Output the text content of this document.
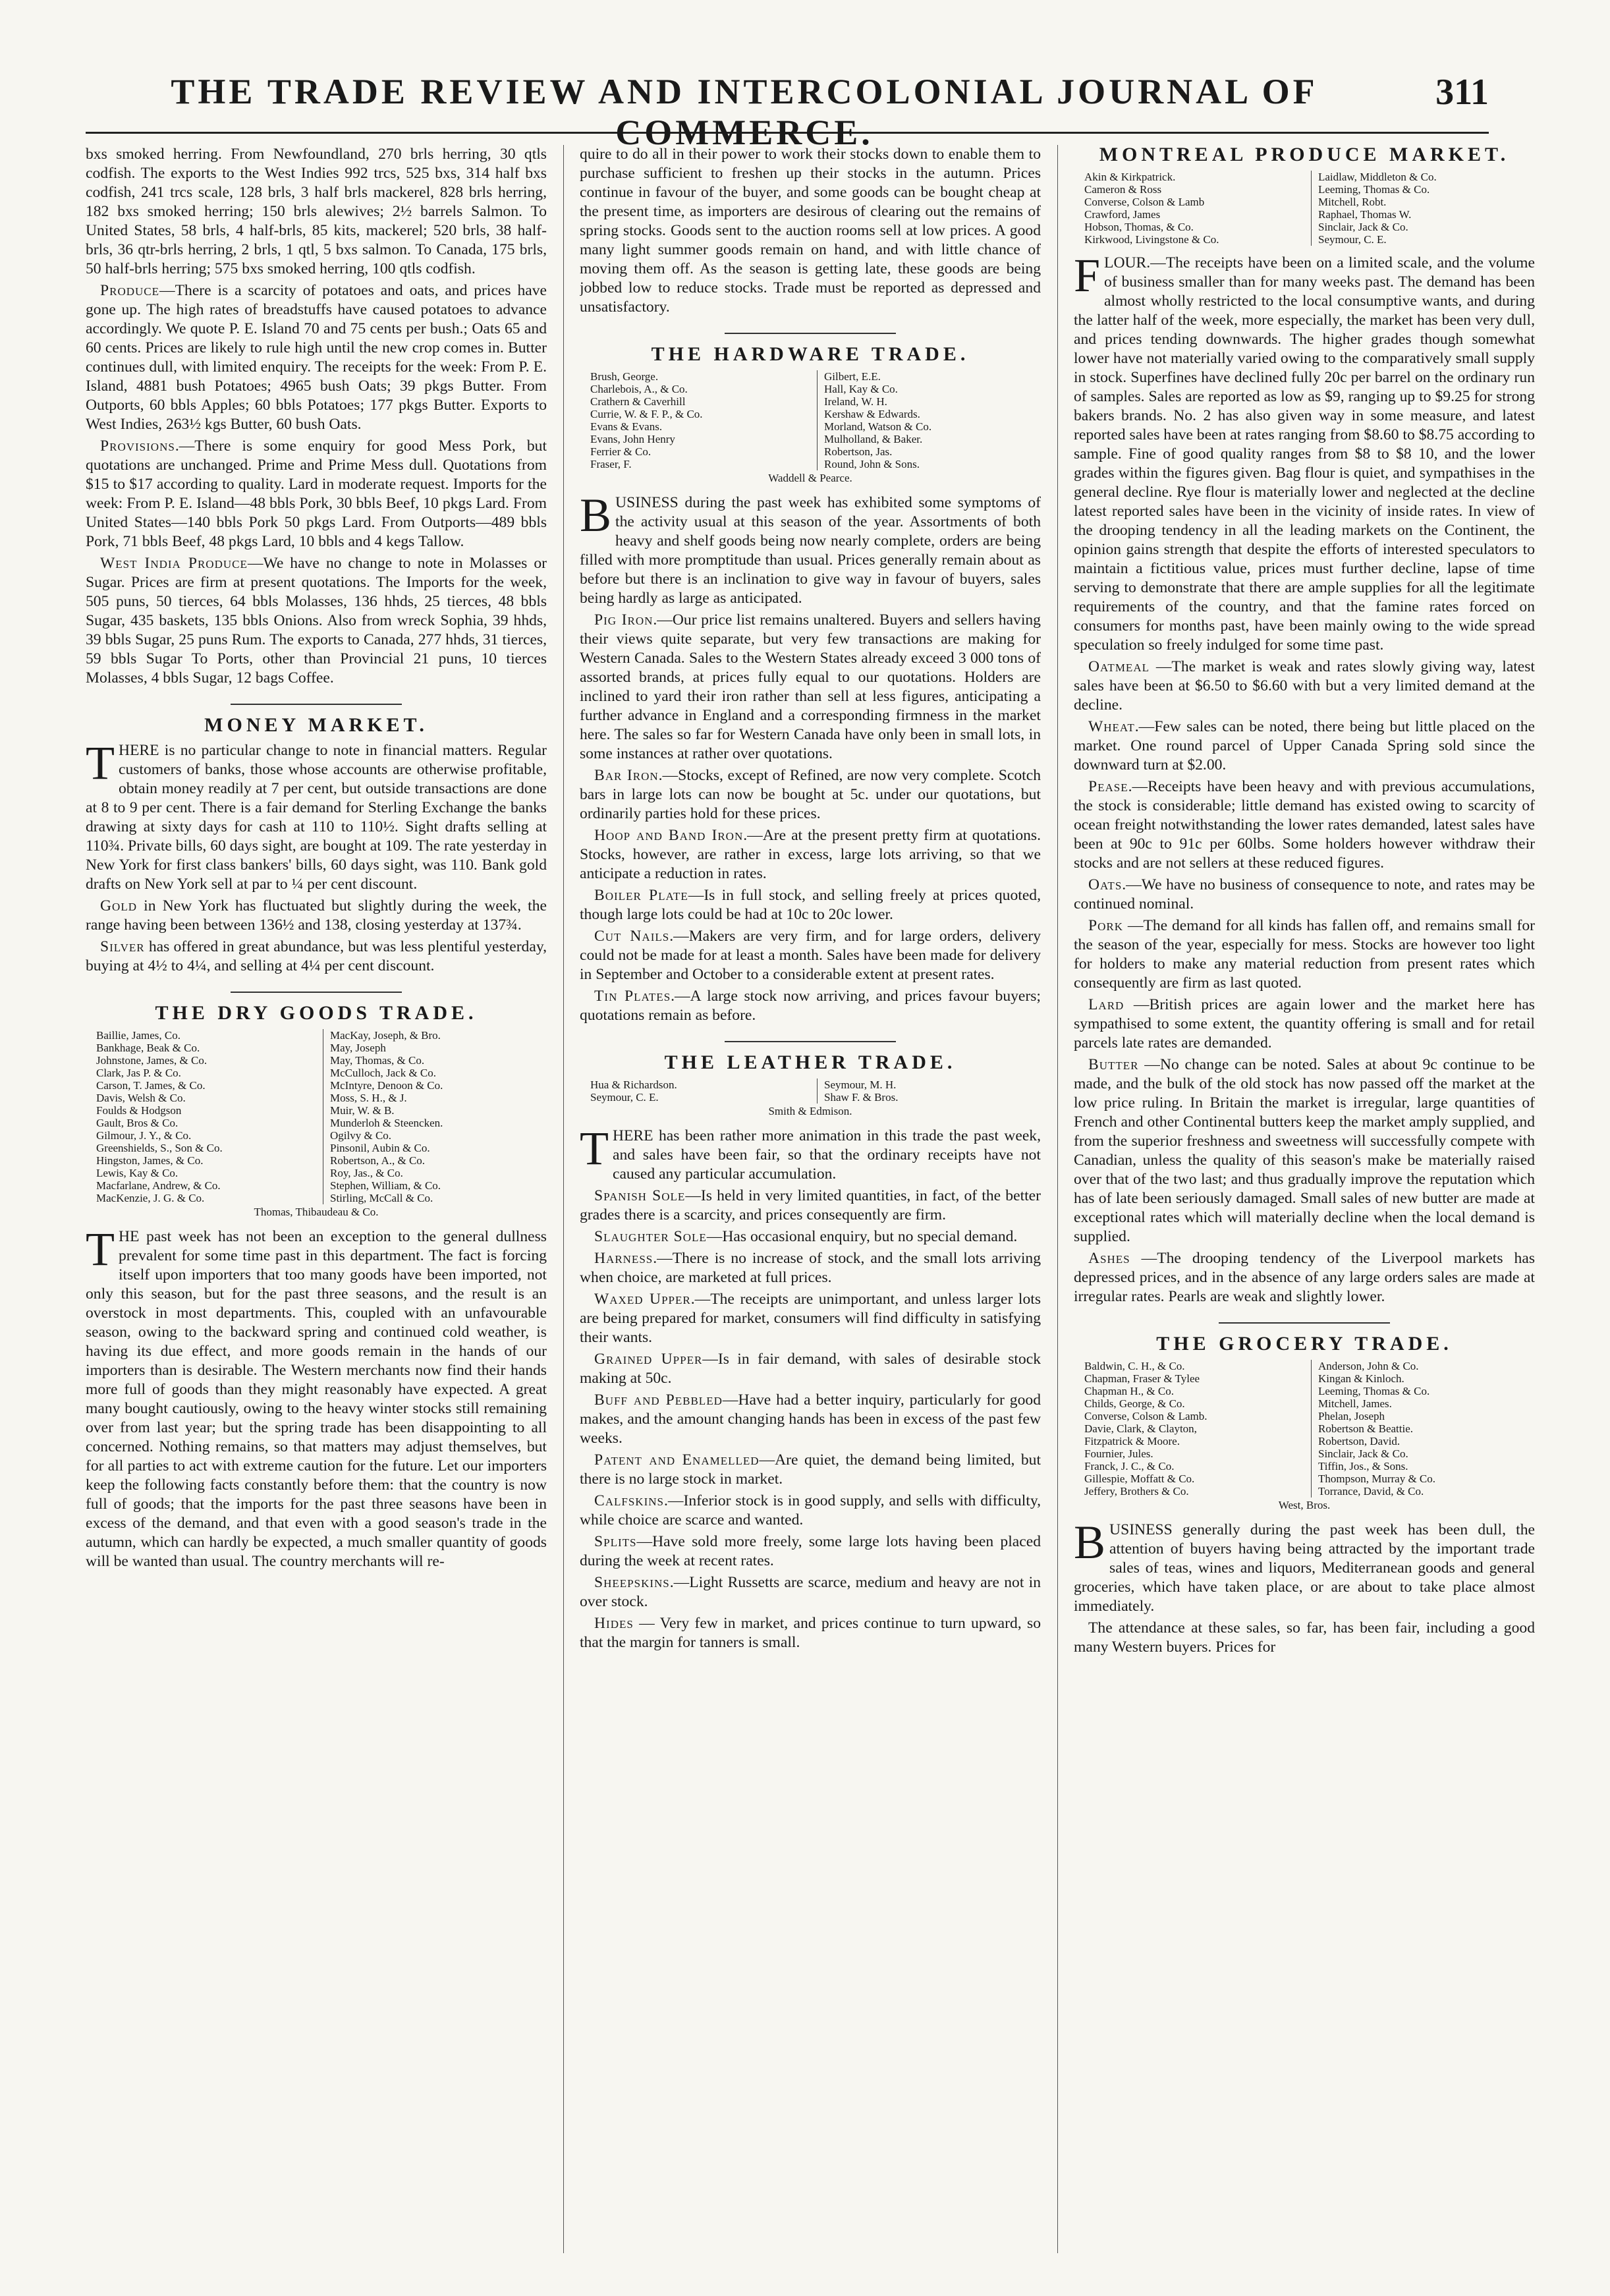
THE TRADE REVIEW AND INTERCOLONIAL JOURNAL OF COMMERCE.
311

bxs smoked herring. From Newfoundland, 270 brls herring, 30 qtls codfish. The exports to the West Indies 992 trcs, 525 bxs, 314 half bxs codfish, 241 trcs scale, 128 brls, 3 half brls mackerel, 828 brls herring, 182 bxs smoked herring; 150 brls alewives; 2½ barrels Salmon. To United States, 58 brls, 4 half-brls, 85 kits, mackerel; 520 brls, 38 half-brls, 36 qtr-brls herring, 2 brls, 1 qtl, 5 bxs salmon. To Canada, 175 brls, 50 half-brls herring; 575 bxs smoked herring, 100 qtls codfish.

Produce—There is a scarcity of potatoes and oats, and prices have gone up. The high rates of breadstuffs have caused potatoes to advance accordingly. We quote P. E. Island 70 and 75 cents per bush.; Oats 65 and 60 cents. Prices are likely to rule high until the new crop comes in. Butter continues dull, with limited enquiry. The receipts for the week: From P. E. Island, 4881 bush Potatoes; 4965 bush Oats; 39 pkgs Butter. From Outports, 60 bbls Apples; 60 bbls Potatoes; 177 pkgs Butter. Exports to West Indies, 263½ kgs Butter, 60 bush Oats.

Provisions.—There is some enquiry for good Mess Pork, but quotations are unchanged. Prime and Prime Mess dull. Quotations from $15 to $17 according to quality. Lard in moderate request. Imports for the week: From P. E. Island—48 bbls Pork, 30 bbls Beef, 10 pkgs Lard. From United States—140 bbls Pork 50 pkgs Lard. From Outports—489 bbls Pork, 71 bbls Beef, 48 pkgs Lard, 10 bbls and 4 kegs Tallow.

West India Produce—We have no change to note in Molasses or Sugar. Prices are firm at present quotations. The Imports for the week, 505 puns, 50 tierces, 64 bbls Molasses, 136 hhds, 25 tierces, 48 bbls Sugar, 435 baskets, 135 bbls Onions. Also from wreck Sophia, 39 hhds, 39 bbls Sugar, 25 puns Rum. The exports to Canada, 277 hhds, 31 tierces, 59 bbls Sugar To Ports, other than Provincial 21 puns, 10 tierces Molasses, 4 bbls Sugar, 12 bags Coffee.

MONEY MARKET.

THERE is no particular change to note in financial matters. Regular customers of banks, those whose accounts are otherwise profitable, obtain money readily at 7 per cent, but outside transactions are done at 8 to 9 per cent. There is a fair demand for Sterling Exchange the banks drawing at sixty days for cash at 110 to 110½. Sight drafts selling at 110¾. Private bills, 60 days sight, are bought at 109. The rate yesterday in New York for first class bankers' bills, 60 days sight, was 110. Bank gold drafts on New York sell at par to ¼ per cent discount.

Gold in New York has fluctuated but slightly during the week, the range having been between 136½ and 138, closing yesterday at 137¾.

Silver has offered in great abundance, but was less plentiful yesterday, buying at 4½ to 4¼, and selling at 4¼ per cent discount.

THE DRY GOODS TRADE.
Baillie, James, Co.	MacKay, Joseph, & Bro.
Bankhage, Beak & Co.	May, Joseph
Johnstone, James, & Co.	May, Thomas, & Co.
Clark, Jas P. & Co.	McCulloch, Jack & Co.
Carson, T. James, & Co.	McIntyre, Denoon & Co.
Davis, Welsh & Co.	Moss, S. H., & J.
Foulds & Hodgson	Muir, W. & B.
Gault, Bros & Co.	Munderloh & Steencken.
Gilmour, J. Y., & Co.	Ogilvy & Co.
Greenshields, S., Son & Co.	Pinsonil, Aubin & Co.
Hingston, James, & Co.	Robertson, A., & Co.
Lewis, Kay & Co.	Roy, Jas., & Co.
Macfarlane, Andrew, & Co.	Stephen, William, & Co.
MacKenzie, J. G. & Co.	Stirling, McCall & Co.
Thomas, Thibaudeau & Co.

THE past week has not been an exception to the general dullness prevalent for some time past in this department. The fact is forcing itself upon importers that too many goods have been imported, not only this season, but for the past three seasons, and the result is an overstock in most departments. This, coupled with an unfavourable season, owing to the backward spring and continued cold weather, is having its due effect, and more goods remain in the hands of our importers than is desirable. The Western merchants now find their hands more full of goods than they might reasonably have expected. A great many bought cautiously, owing to the heavy winter stocks still remaining over from last year; but the spring trade has been disappointing to all concerned. Nothing remains, so that matters may adjust themselves, but for all parties to act with extreme caution for the future. Let our importers keep the following facts constantly before them: that the country is now full of goods; that the imports for the past three seasons have been in excess of the demand, and that even with a good season's trade in the autumn, which can hardly be expected, a much smaller quantity of goods will be wanted than usual. The country merchants will re-

quire to do all in their power to work their stocks down to enable them to purchase sufficient to freshen up their stocks in the autumn. Prices continue in favour of the buyer, and some goods can be bought cheap at the present time, as importers are desirous of clearing out the remains of spring stocks. Goods sent to the auction rooms sell at low prices. A good many light summer goods remain on hand, and with little chance of moving them off. As the season is getting late, these goods are being jobbed low to reduce stocks. Trade must be reported as depressed and unsatisfactory.

THE HARDWARE TRADE.
Brush, George.	Gilbert, E.E.
Charlebois, A., & Co.	Hall, Kay & Co.
Crathern & Caverhill	Ireland, W. H.
Currie, W. & F. P., & Co.	Kershaw & Edwards.
Evans & Evans.	Morland, Watson & Co.
Evans, John Henry	Mulholland, & Baker.
Ferrier & Co.	Robertson, Jas.
Fraser, F.	Round, John & Sons.
Waddell & Pearce.

BUSINESS during the past week has exhibited some symptoms of the activity usual at this season of the year. Assortments of both heavy and shelf goods being now nearly complete, orders are being filled with more promptitude than usual. Prices generally remain about as before but there is an inclination to give way in favour of buyers, sales being hardly as large as anticipated.

Pig Iron.—Our price list remains unaltered. Buyers and sellers having their views quite separate, but very few transactions are making for Western Canada. Sales to the Western States already exceed 3 000 tons of assorted brands, at prices fully equal to our quotations. Holders are inclined to yard their iron rather than sell at less figures, anticipating a further advance in England and a corresponding firmness in the market here. The sales so far for Western Canada have only been in small lots, in some instances at rather over quotations.

Bar Iron.—Stocks, except of Refined, are now very complete. Scotch bars in large lots can now be bought at 5c. under our quotations, but ordinarily parties hold for these prices.

Hoop and Band Iron.—Are at the present pretty firm at quotations. Stocks, however, are rather in excess, large lots arriving, so that we anticipate a reduction in rates.

Boiler Plate—Is in full stock, and selling freely at prices quoted, though large lots could be had at 10c to 20c lower.

Cut Nails.—Makers are very firm, and for large orders, delivery could not be made for at least a month. Sales have been made for delivery in September and October to a considerable extent at present rates.

Tin Plates.—A large stock now arriving, and prices favour buyers; quotations remain as before.

THE LEATHER TRADE.
Hua & Richardson.	Seymour, M. H.
Seymour, C. E.	Shaw F. & Bros.
Smith & Edmison.

THERE has been rather more animation in this trade the past week, and sales have been fair, so that the ordinary receipts have not caused any particular accumulation.

Spanish Sole—Is held in very limited quantities, in fact, of the better grades there is a scarcity, and prices consequently are firm.

Slaughter Sole—Has occasional enquiry, but no special demand.

Harness.—There is no increase of stock, and the small lots arriving when choice, are marketed at full prices.

Waxed Upper.—The receipts are unimportant, and unless larger lots are being prepared for market, consumers will find difficulty in satisfying their wants.

Grained Upper—Is in fair demand, with sales of desirable stock making at 50c.

Buff and Pebbled—Have had a better inquiry, particularly for good makes, and the amount changing hands has been in excess of the past few weeks.

Patent and Enamelled—Are quiet, the demand being limited, but there is no large stock in market.

Calfskins.—Inferior stock is in good supply, and sells with difficulty, while choice are scarce and wanted.

Splits—Have sold more freely, some large lots having been placed during the week at recent rates.

Sheepskins.—Light Russetts are scarce, medium and heavy are not in over stock.

Hides — Very few in market, and prices continue to turn upward, so that the margin for tanners is small.

MONTREAL PRODUCE MARKET.
Akin & Kirkpatrick.	Laidlaw, Middleton & Co.
Cameron & Ross	Leeming, Thomas & Co.
Converse, Colson & Lamb	Mitchell, Robt.
Crawford, James	Raphael, Thomas W.
Hobson, Thomas, & Co.	Sinclair, Jack & Co.
Kirkwood, Livingstone & Co.	Seymour, C. E.

FLOUR.—The receipts have been on a limited scale, and the volume of business smaller than for many weeks past. The demand has been almost wholly restricted to the local consumptive wants, and during the latter half of the week, more especially, the market has been very dull, and prices tending downwards. The higher grades though somewhat lower have not materially varied owing to the comparatively small supply in stock. Superfines have declined fully 20c per barrel on the ordinary run of samples. Sales are reported as low as $9, ranging up to $9.25 for strong bakers brands. No. 2 has also given way in some measure, and latest reported sales have been at rates ranging from $8.60 to $8.75 according to sample. Fine of good quality ranges from $8 to $8 10, and the lower grades within the figures given. Bag flour is quiet, and sympathises in the general decline. Rye flour is materially lower and neglected at the decline latest reported sales have been in the vicinity of inside rates. In view of the drooping tendency in all the leading markets on the Continent, the opinion gains strength that despite the efforts of interested speculators to maintain a fictitious value, prices must further decline, lapse of time serving to demonstrate that there are ample supplies for all the legitimate requirements of the country, and that the famine rates forced on consumers for months past, have been mainly owing to the wide spread speculation so freely indulged for some time past.

Oatmeal —The market is weak and rates slowly giving way, latest sales have been at $6.50 to $6.60 with but a very limited demand at the decline.

Wheat.—Few sales can be noted, there being but little placed on the market. One round parcel of Upper Canada Spring sold since the downward turn at $2.00.

Pease.—Receipts have been heavy and with previous accumulations, the stock is considerable; little demand has existed owing to scarcity of ocean freight notwithstanding the lower rates demanded, latest sales have been at 90c to 91c per 60lbs. Some holders however withdraw their stocks and are not sellers at these reduced figures.

Oats.—We have no business of consequence to note, and rates may be continued nominal.

Pork —The demand for all kinds has fallen off, and remains small for the season of the year, especially for mess. Stocks are however too light for holders to make any material reduction from present rates which consequently are firm as last quoted.

Lard —British prices are again lower and the market here has sympathised to some extent, the quantity offering is small and for retail parcels late rates are demanded.

Butter —No change can be noted. Sales at about 9c continue to be made, and the bulk of the old stock has now passed off the market at the low price ruling. In Britain the market is irregular, large quantities of French and other Continental butters keep the market amply supplied, and from the superior freshness and sweetness will successfully compete with Canadian, unless the quality of this season's make be materially raised over that of the two last; and thus gradually improve the reputation which has of late been seriously damaged. Small sales of new butter are made at exceptional rates which will materially decline when the local demand is supplied.

Ashes —The drooping tendency of the Liverpool markets has depressed prices, and in the absence of any large orders sales are made at irregular rates. Pearls are weak and slightly lower.

THE GROCERY TRADE.
Baldwin, C. H., & Co.	Anderson, John & Co.
Chapman, Fraser & Tylee	Kingan & Kinloch.
Chapman H., & Co.	Leeming, Thomas & Co.
Childs, George, & Co.	Mitchell, James.
Converse, Colson & Lamb.	Phelan, Joseph
Davie, Clark, & Clayton,	Robertson & Beattie.
Fitzpatrick & Moore.	Robertson, David.
Fournier, Jules.	Sinclair, Jack & Co.
Franck, J. C., & Co.	Tiffin, Jos., & Sons.
Gillespie, Moffatt & Co.	Thompson, Murray & Co.
Jeffery, Brothers & Co.	Torrance, David, & Co.
West, Bros.

BUSINESS generally during the past week has been dull, the attention of buyers having being attracted by the important trade sales of teas, wines and liquors, Mediterranean goods and general groceries, which have taken place, or are about to take place almost immediately.

The attendance at these sales, so far, has been fair, including a good many Western buyers. Prices for
